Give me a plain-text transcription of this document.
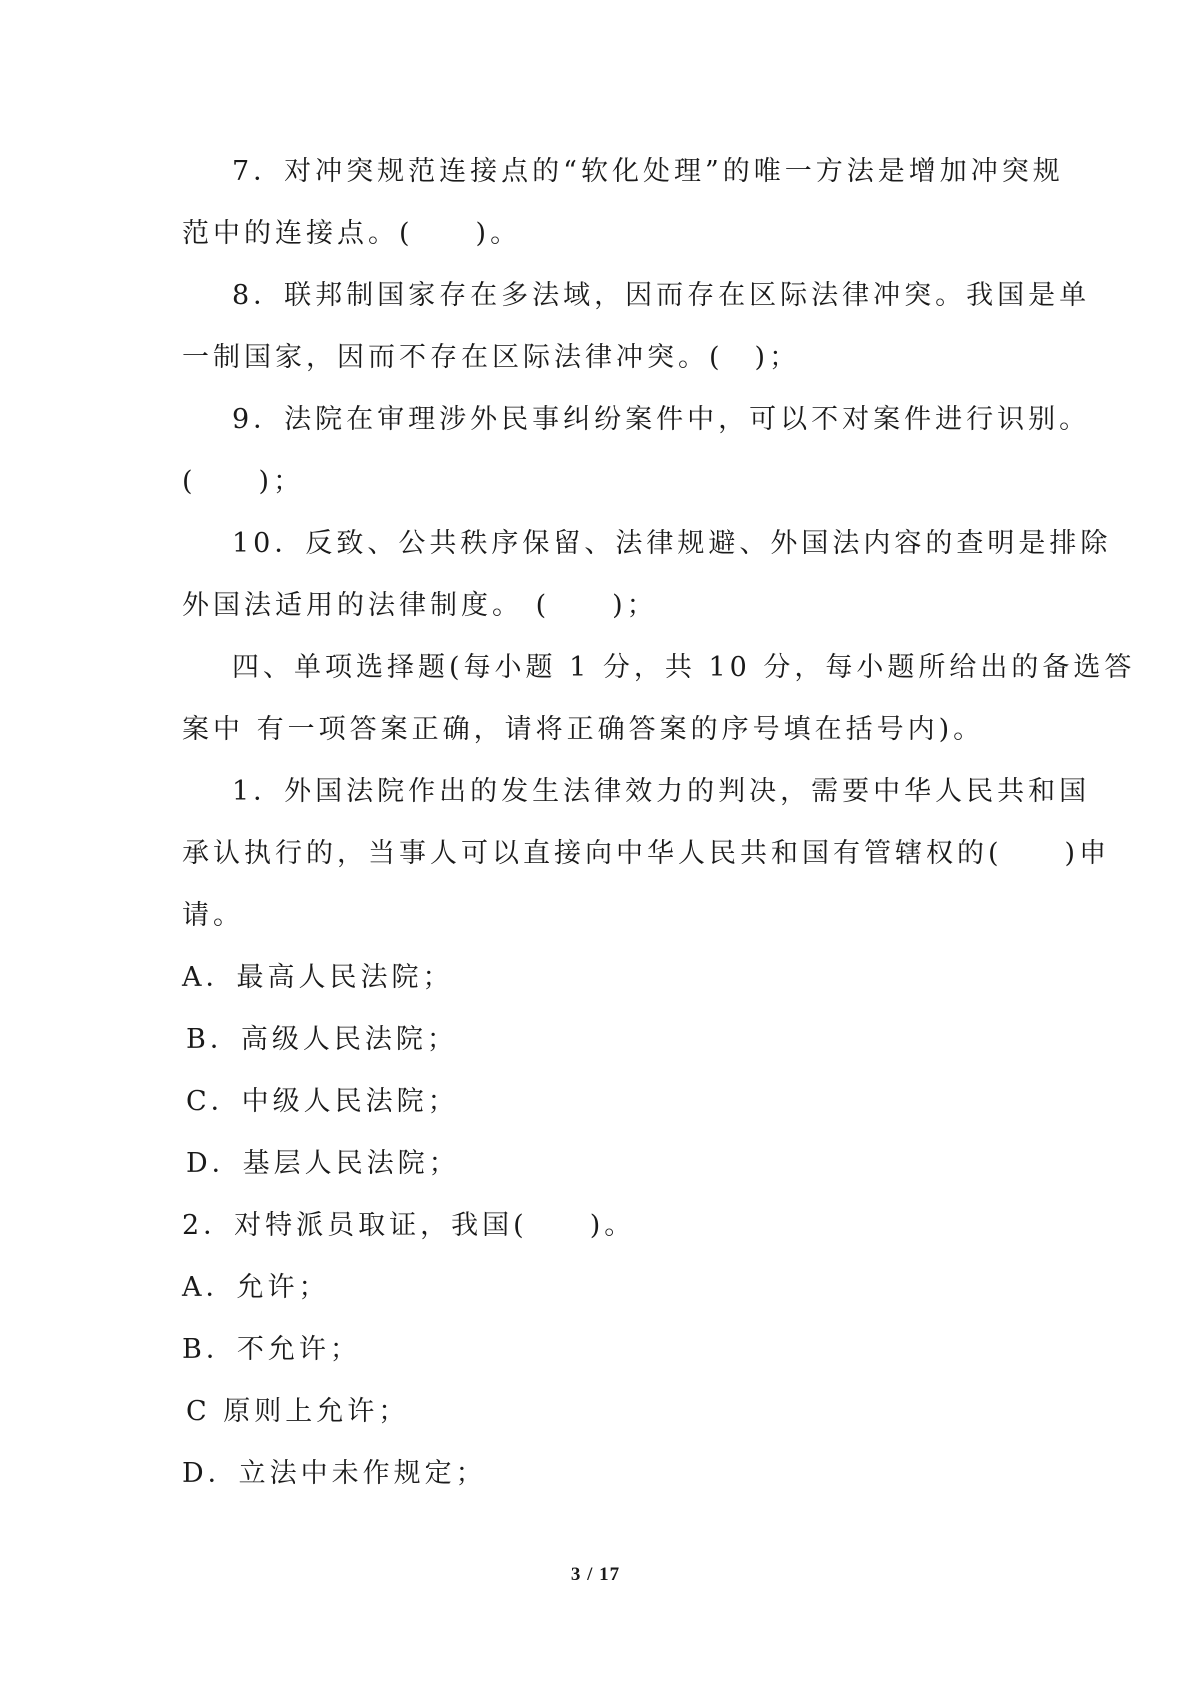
7．对冲突规范连接点的“软化处理”的唯一方法是增加冲突规
范中的连接点。(　　)。
8．联邦制国家存在多法域，因而存在区际法律冲突。我国是单
一制国家，因而不存在区际法律冲突。(　)；
9．法院在审理涉外民事纠纷案件中，可以不对案件进行识别。
(　　)；
10．反致、公共秩序保留、法律规避、外国法内容的查明是排除
外国法适用的法律制度。 (　　)；
四、单项选择题(每小题 1 分，共 10 分，每小题所给出的备选答
案中 有一项答案正确，请将正确答案的序号填在括号内)。
1．外国法院作出的发生法律效力的判决，需要中华人民共和国
承认执行的，当事人可以直接向中华人民共和国有管辖权的(　　)申
请。
A．最高人民法院；
B．高级人民法院；
C．中级人民法院；
D．基层人民法院；
2．对特派员取证，我国(　　)。
A．允许；
B．不允许；
C 原则上允许；
D．立法中未作规定；
3 / 17
